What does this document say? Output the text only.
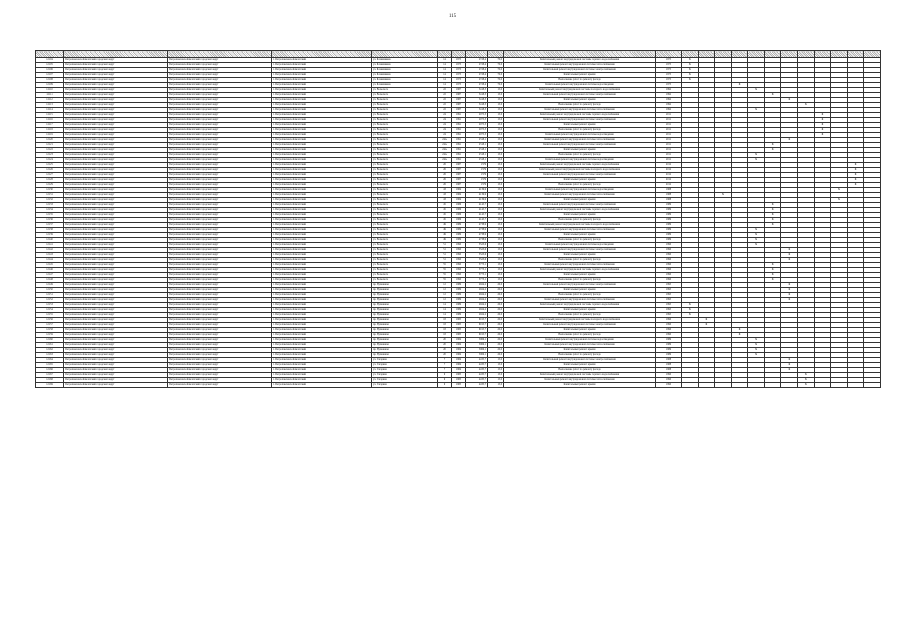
115

12104	Петропавловск-Камчатский городской округ	Петропавловск-Камчатский городской округ	г. Петропавловск-Камчатский	ул. Бохняшкина	14	1975	2728,4	70,0	Капитальный ремонт внутридомовой системы горячего водоснабжения	1975	X												
12105	Петропавловск-Камчатский городской округ	Петропавловск-Камчатский городской округ	г. Петропавловск-Камчатский	ул. Бохняшкина	14	1975	2728,4	70,0	Капитальный ремонт внутридомовой системы теплоснабжения	1975	X												
12106	Петропавловск-Камчатский городской округ	Петропавловск-Камчатский городской округ	г. Петропавловск-Камчатский	ул. Бохняшкина	14	1975	2728,4	70,0	Капитальный ремонт внутридомовой системы электроснабжения	1975	X												
12107	Петропавловск-Камчатский городской округ	Петропавловск-Камчатский городской округ	г. Петропавловск-Камчатский	ул. Бохняшкина	14	1975	2728,4	70,0	Капитальный ремонт крыши	1975	X												
12108	Петропавловск-Камчатский городской округ	Петропавловск-Камчатский городской округ	г. Петропавловск-Камчатский	ул. Бохняшкина	14	1975	2728,4	70,0	Выполнение работ по ремонту фасада	1975	X												
12109	Петропавловск-Камчатский городской округ	Петропавловск-Камчатский городской округ	г. Петропавловск-Камчатский	ул. Бохняшкина	14	1975	2728,4	70,0	Капитальный ремонт внутридомовой системы водоотведения	1975				X									
12110	Петропавловск-Камчатский городской округ	Петропавловск-Камчатский городской округ	г. Петропавловск-Камчатский	ул. Вольского	22	1987	5418,3	15,0	Капитальный ремонт внутридомовой системы холодного водоснабжения	1992					X								
12111	Петропавловск-Камчатский городской округ	Петропавловск-Камчатский городской округ	г. Петропавловск-Камчатский	ул. Вольского	22	1987	5418,3	15,0	Капитальный ремонт внутридомовой системы электроснабжения	1992						X							
12112	Петропавловск-Камчатский городской округ	Петропавловск-Камчатский городской округ	г. Петропавловск-Камчатский	ул. Вольского	22	1987	5418,3	15,0	Капитальный ремонт крыши	1992							X						
12113	Петропавловск-Камчатский городской округ	Петропавловск-Камчатский городской округ	г. Петропавловск-Камчатский	ул. Вольского	22	1987	5418,3	15,0	Выполнение работ по ремонту фасада	1992								X					
12114	Петропавловск-Камчатский городской округ	Петропавловск-Камчатский городской округ	г. Петропавловск-Камчатский	ул. Вольского	22	1987	5418,3	15,0	Капитальный ремонт внутридомовой системы теплоснабжения	1992					X								
12115	Петропавловск-Камчатский городской округ	Петропавловск-Камчатский городской округ	г. Петропавловск-Камчатский	ул. Вольского	24	1991	2075,3	15,0	Капитальный ремонт внутридомовой системы горячего водоснабжения	2011									X				
12116	Петропавловск-Камчатский городской округ	Петропавловск-Камчатский городской округ	г. Петропавловск-Камчатский	ул. Вольского	24	1991	2075,3	15,0	Капитальный ремонт внутридомовой системы электроснабжения	2011									X				
12117	Петропавловск-Камчатский городской округ	Петропавловск-Камчатский городской округ	г. Петропавловск-Камчатский	ул. Вольского	24	1991	2075,3	15,0	Капитальный ремонт крыши	2011									X				
12118	Петропавловск-Камчатский городской округ	Петропавловск-Камчатский городской округ	г. Петропавловск-Камчатский	ул. Вольского	24	1991	2075,3	15,0	Выполнение работ по ремонту фасада	2011									X				
12119	Петропавловск-Камчатский городской округ	Петропавловск-Камчатский городской округ	г. Петропавловск-Камчатский	ул. Вольского	24	1991	2075,3	15,0	Капитальный ремонт внутридомовой системы водоотведения	2011									X				
12120	Петропавловск-Камчатский городской округ	Петропавловск-Камчатский городской округ	г. Петропавловск-Камчатский	ул. Вольского	24А	1991	2318,1	15,0	Капитальный ремонт внутридомовой системы теплоснабжения	2011							X						
12121	Петропавловск-Камчатский городской округ	Петропавловск-Камчатский городской округ	г. Петропавловск-Камчатский	ул. Вольского	24А	1991	2318,1	15,0	Капитальный ремонт внутридомовой системы электроснабжения	2011						X							
12122	Петропавловск-Камчатский городской округ	Петропавловск-Камчатский городской округ	г. Петропавловск-Камчатский	ул. Вольского	24А	1991	2318,1	15,0	Капитальный ремонт крыши	2011						X							
12123	Петропавловск-Камчатский городской округ	Петропавловск-Камчатский городской округ	г. Петропавловск-Камчатский	ул. Вольского	24А	1991	2318,1	15,0	Выполнение работ по ремонту фасада	2011					X								
12124	Петропавловск-Камчатский городской округ	Петропавловск-Камчатский городской округ	г. Петропавловск-Камчатский	ул. Вольского	24А	1991	2318,1	15,0	Капитальный ремонт внутридомовой системы водоотведения	2011					X								
12125	Петропавловск-Камчатский городской округ	Петропавловск-Камчатский городской округ	г. Петропавловск-Камчатский	ул. Вольского	26	1987	1379	15,0	Капитальный ремонт внутридомовой системы горячего водоснабжения	2012											X		
12126	Петропавловск-Камчатский городской округ	Петропавловск-Камчатский городской округ	г. Петропавловск-Камчатский	ул. Вольского	26	1987	1379	15,0	Капитальный ремонт внутридомовой системы холодного водоснабжения	2012											X		
12127	Петропавловск-Камчатский городской округ	Петропавловск-Камчатский городской округ	г. Петропавловск-Камчатский	ул. Вольского	26	1987	1379	15,0	Капитальный ремонт внутридомовой системы электроснабжения	2012											X		
12128	Петропавловск-Камчатский городской округ	Петропавловск-Камчатский городской округ	г. Петропавловск-Камчатский	ул. Вольского	26	1987	1379	15,0	Капитальный ремонт крыши	2012											X		
12129	Петропавловск-Камчатский городской округ	Петропавловск-Камчатский городской округ	г. Петропавловск-Камчатский	ул. Вольского	26	1987	1379	15,0	Выполнение работ по ремонту фасада	2012											X		
12130	Петропавловск-Камчатский городской округ	Петропавловск-Камчатский городской округ	г. Петропавловск-Камчатский	ул. Вольского	43	1984	4136,9	15,0	Капитальный ремонт внутридомовой системы водоотведения	1988										X			
12131	Петропавловск-Камчатский городской округ	Петропавловск-Камчатский городской округ	г. Петропавловск-Камчатский	ул. Вольского	43	1984	4136,9	15,0	Капитальный ремонт внутридомовой системы теплоснабжения	1988			X										
12132	Петропавловск-Камчатский городской округ	Петропавловск-Камчатский городской округ	г. Петропавловск-Камчатский	ул. Вольского	43	1984	4136,9	15,0	Капитальный ремонт крыши	1988										X			
12133	Петропавловск-Камчатский городской округ	Петропавловск-Камчатский городской округ	г. Петропавловск-Камчатский	ул. Вольского	45	1986	4145,7	15,0	Капитальный ремонт внутридомовой системы электроснабжения	1989						X							
12134	Петропавловск-Камчатский городской округ	Петропавловск-Камчатский городской округ	г. Петропавловск-Камчатский	ул. Вольского	45	1986	4145,7	15,0	Капитальный ремонт внутридомовой системы горячего водоснабжения	1989						X							
12135	Петропавловск-Камчатский городской округ	Петропавловск-Камчатский городской округ	г. Петропавловск-Камчатский	ул. Вольского	45	1986	4145,7	15,0	Капитальный ремонт крыши	1989						X							
12136	Петропавловск-Камчатский городской округ	Петропавловск-Камчатский городской округ	г. Петропавловск-Камчатский	ул. Вольского	45	1986	4145,7	15,0	Выполнение работ по ремонту фасада	1989						X							
12137	Петропавловск-Камчатский городской округ	Петропавловск-Камчатский городской округ	г. Петропавловск-Камчатский	ул. Вольского	49	1989	4738,9	15,0	Капитальный ремонт внутридомовой системы холодного водоснабжения	1989						X							
12138	Петропавловск-Камчатский городской округ	Петропавловск-Камчатский городской округ	г. Петропавловск-Камчатский	ул. Вольского	49	1989	4738,9	15,0	Капитальный ремонт внутридомовой системы теплоснабжения	1989					X								
12139	Петропавловск-Камчатский городской округ	Петропавловск-Камчатский городской округ	г. Петропавловск-Камчатский	ул. Вольского	49	1989	4738,9	15,0	Капитальный ремонт крыши	1989					X								
12140	Петропавловск-Камчатский городской округ	Петропавловск-Камчатский городской округ	г. Петропавловск-Камчатский	ул. Вольского	49	1989	4738,9	15,0	Выполнение работ по ремонту фасада	1989					X								
12141	Петропавловск-Камчатский городской округ	Петропавловск-Камчатский городской округ	г. Петропавловск-Камчатский	ул. Вольского	51	1990	3523,6	15,0	Капитальный ремонт внутридомовой системы водоотведения	1990					X								
12142	Петропавловск-Камчатский городской округ	Петропавловск-Камчатский городской округ	г. Петропавловск-Камчатский	ул. Вольского	51	1990	3523,6	15,0	Капитальный ремонт внутридомовой системы электроснабжения	1990							X						
12143	Петропавловск-Камчатский городской округ	Петропавловск-Камчатский городской округ	г. Петропавловск-Камчатский	ул. Вольского	51	1990	3523,6	15,0	Капитальный ремонт крыши	1990							X						
12144	Петропавловск-Камчатский городской округ	Петропавловск-Камчатский городской округ	г. Петропавловск-Камчатский	ул. Вольского	51	1990	3523,6	15,0	Выполнение работ по ремонту фасада	1990							X						
12145	Петропавловск-Камчатский городской округ	Петропавловск-Камчатский городской округ	г. Петропавловск-Камчатский	ул. Вольского	55	1990	3773,1	15,0	Капитальный ремонт внутридомовой системы теплоснабжения	1990						X							
12146	Петропавловск-Камчатский городской округ	Петропавловск-Камчатский городской округ	г. Петропавловск-Камчатский	ул. Вольского	55	1990	3773,1	15,0	Капитальный ремонт внутридомовой системы горячего водоснабжения	1990						X							
12147	Петропавловск-Камчатский городской округ	Петропавловск-Камчатский городской округ	г. Петропавловск-Камчатский	ул. Вольского	55	1990	3773,1	15,0	Капитальный ремонт крыши	1990						X							
12148	Петропавловск-Камчатский городской округ	Петропавловск-Камчатский городской округ	г. Петропавловск-Камчатский	ул. Вольского	55	1990	3773,1	15,0	Выполнение работ по ремонту фасада	1990						X							
12149	Петропавловск-Камчатский городской округ	Петропавловск-Камчатский городской округ	г. Петропавловск-Камчатский	пр. Вулканная	12	1989	2924,2	20,0	Капитальный ремонт внутридомовой системы электроснабжения	1995							X						
12150	Петропавловск-Камчатский городской округ	Петропавловск-Камчатский городской округ	г. Петропавловск-Камчатский	пр. Вулканная	12	1989	2924,2	20,0	Капитальный ремонт крыши	1995							X						
12151	Петропавловск-Камчатский городской округ	Петропавловск-Камчатский городской округ	г. Петропавловск-Камчатский	пр. Вулканная	12	1989	2924,2	20,0	Выполнение работ по ремонту фасада	1995							X						
12152	Петропавловск-Камчатский городской округ	Петропавловск-Камчатский городской округ	г. Петропавловск-Камчатский	пр. Вулканная	12	1989	2924,2	20,0	Капитальный ремонт внутридомовой системы теплоснабжения	1995							X						
12153	Петропавловск-Камчатский городской округ	Петропавловск-Камчатский городской округ	г. Петропавловск-Камчатский	пр. Вулканная	14	1989	2924,2	20,0	Капитальный ремонт внутридомовой системы горячего водоснабжения	1995	X												
12154	Петропавловск-Камчатский городской округ	Петропавловск-Камчатский городской округ	г. Петропавловск-Камчатский	пр. Вулканная	14	1989	2924,2	20,0	Капитальный ремонт крыши	1995	X												
12155	Петропавловск-Камчатский городской округ	Петропавловск-Камчатский городской округ	г. Петропавловск-Камчатский	пр. Вулканная	14	1989	2924,2	20,0	Выполнение работ по ремонту фасада	1995	X												
12156	Петропавловск-Камчатский городской округ	Петропавловск-Камчатский городской округ	г. Петропавловск-Камчатский	пр. Вулканная	18	1985	6015,7	20,0	Капитальный ремонт внутридомовой системы холодного водоснабжения	1990		X											
12157	Петропавловск-Камчатский городской округ	Петропавловск-Камчатский городской округ	г. Петропавловск-Камчатский	пр. Вулканная	18	1985	6015,7	20,0	Капитальный ремонт внутридомовой системы электроснабжения	1990		X											
12158	Петропавловск-Камчатский городской округ	Петропавловск-Камчатский городской округ	г. Петропавловск-Камчатский	пр. Вулканная	18	1985	6015,7	20,0	Капитальный ремонт крыши	1990				X									
12159	Петропавловск-Камчатский городской округ	Петропавловск-Камчатский городской округ	г. Петропавловск-Камчатский	пр. Вулканная	18	1985	6015,7	20,0	Выполнение работ по ремонту фасада	1990				X									
12160	Петропавловск-Камчатский городской округ	Петропавловск-Камчатский городской округ	г. Петропавловск-Камчатский	пр. Вулканная	20	1984	5066,1	20,0	Капитальный ремонт внутридомовой системы водоотведения	1989					X								
12161	Петропавловск-Камчатский городской округ	Петропавловск-Камчатский городской округ	г. Петропавловск-Камчатский	пр. Вулканная	20	1984	5066,1	20,0	Капитальный ремонт внутридомовой системы теплоснабжения	1989					X								
12162	Петропавловск-Камчатский городской округ	Петропавловск-Камчатский городской округ	г. Петропавловск-Камчатский	пр. Вулканная	20	1984	5066,1	20,0	Капитальный ремонт крыши	1989					X								
12163	Петропавловск-Камчатский городской округ	Петропавловск-Камчатский городской округ	г. Петропавловск-Камчатский	пр. Вулканная	20	1984	5066,1	20,0	Выполнение работ по ремонту фасада	1989					X								
12164	Петропавловск-Камчатский городской округ	Петропавловск-Камчатский городской округ	г. Петропавловск-Камчатский	ул. Гагарина	7	1984	4435,7	15,0	Капитальный ремонт внутридомовой системы электроснабжения	1988							X						
12165	Петропавловск-Камчатский городской округ	Петропавловск-Камчатский городской округ	г. Петропавловск-Камчатский	ул. Гагарина	7	1984	4435,7	15,0	Капитальный ремонт крыши	1988							X						
12166	Петропавловск-Камчатский городской округ	Петропавловск-Камчатский городской округ	г. Петропавловск-Камчатский	ул. Гагарина	7	1984	4435,7	15,0	Выполнение работ по ремонту фасада	1988							X						
12167	Петропавловск-Камчатский городской округ	Петропавловск-Камчатский городской округ	г. Петропавловск-Камчатский	ул. Гагарина	9	1985	4435,7	15,0	Капитальный ремонт внутридомовой системы горячего водоснабжения	1990								X					
12168	Петропавловск-Камчатский городской округ	Петропавловск-Камчатский городской округ	г. Петропавловск-Камчатский	ул. Гагарина	9	1985	4435,7	15,0	Капитальный ремонт внутридомовой системы теплоснабжения	1990								X					
12169	Петропавловск-Камчатский городской округ	Петропавловск-Камчатский городской округ	г. Петропавловск-Камчатский	ул. Гагарина	9	1985	4435,7	15,0	Капитальный ремонт крыши	1990								X					
